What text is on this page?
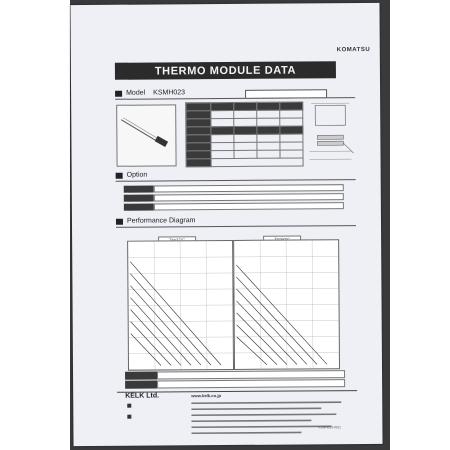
KOMATSU
THERMO MODULE DATA
Model KSMH023

Option
Performance Diagram
KELK Ltd.	www.kelk.co.jp
KSMH023-0911
